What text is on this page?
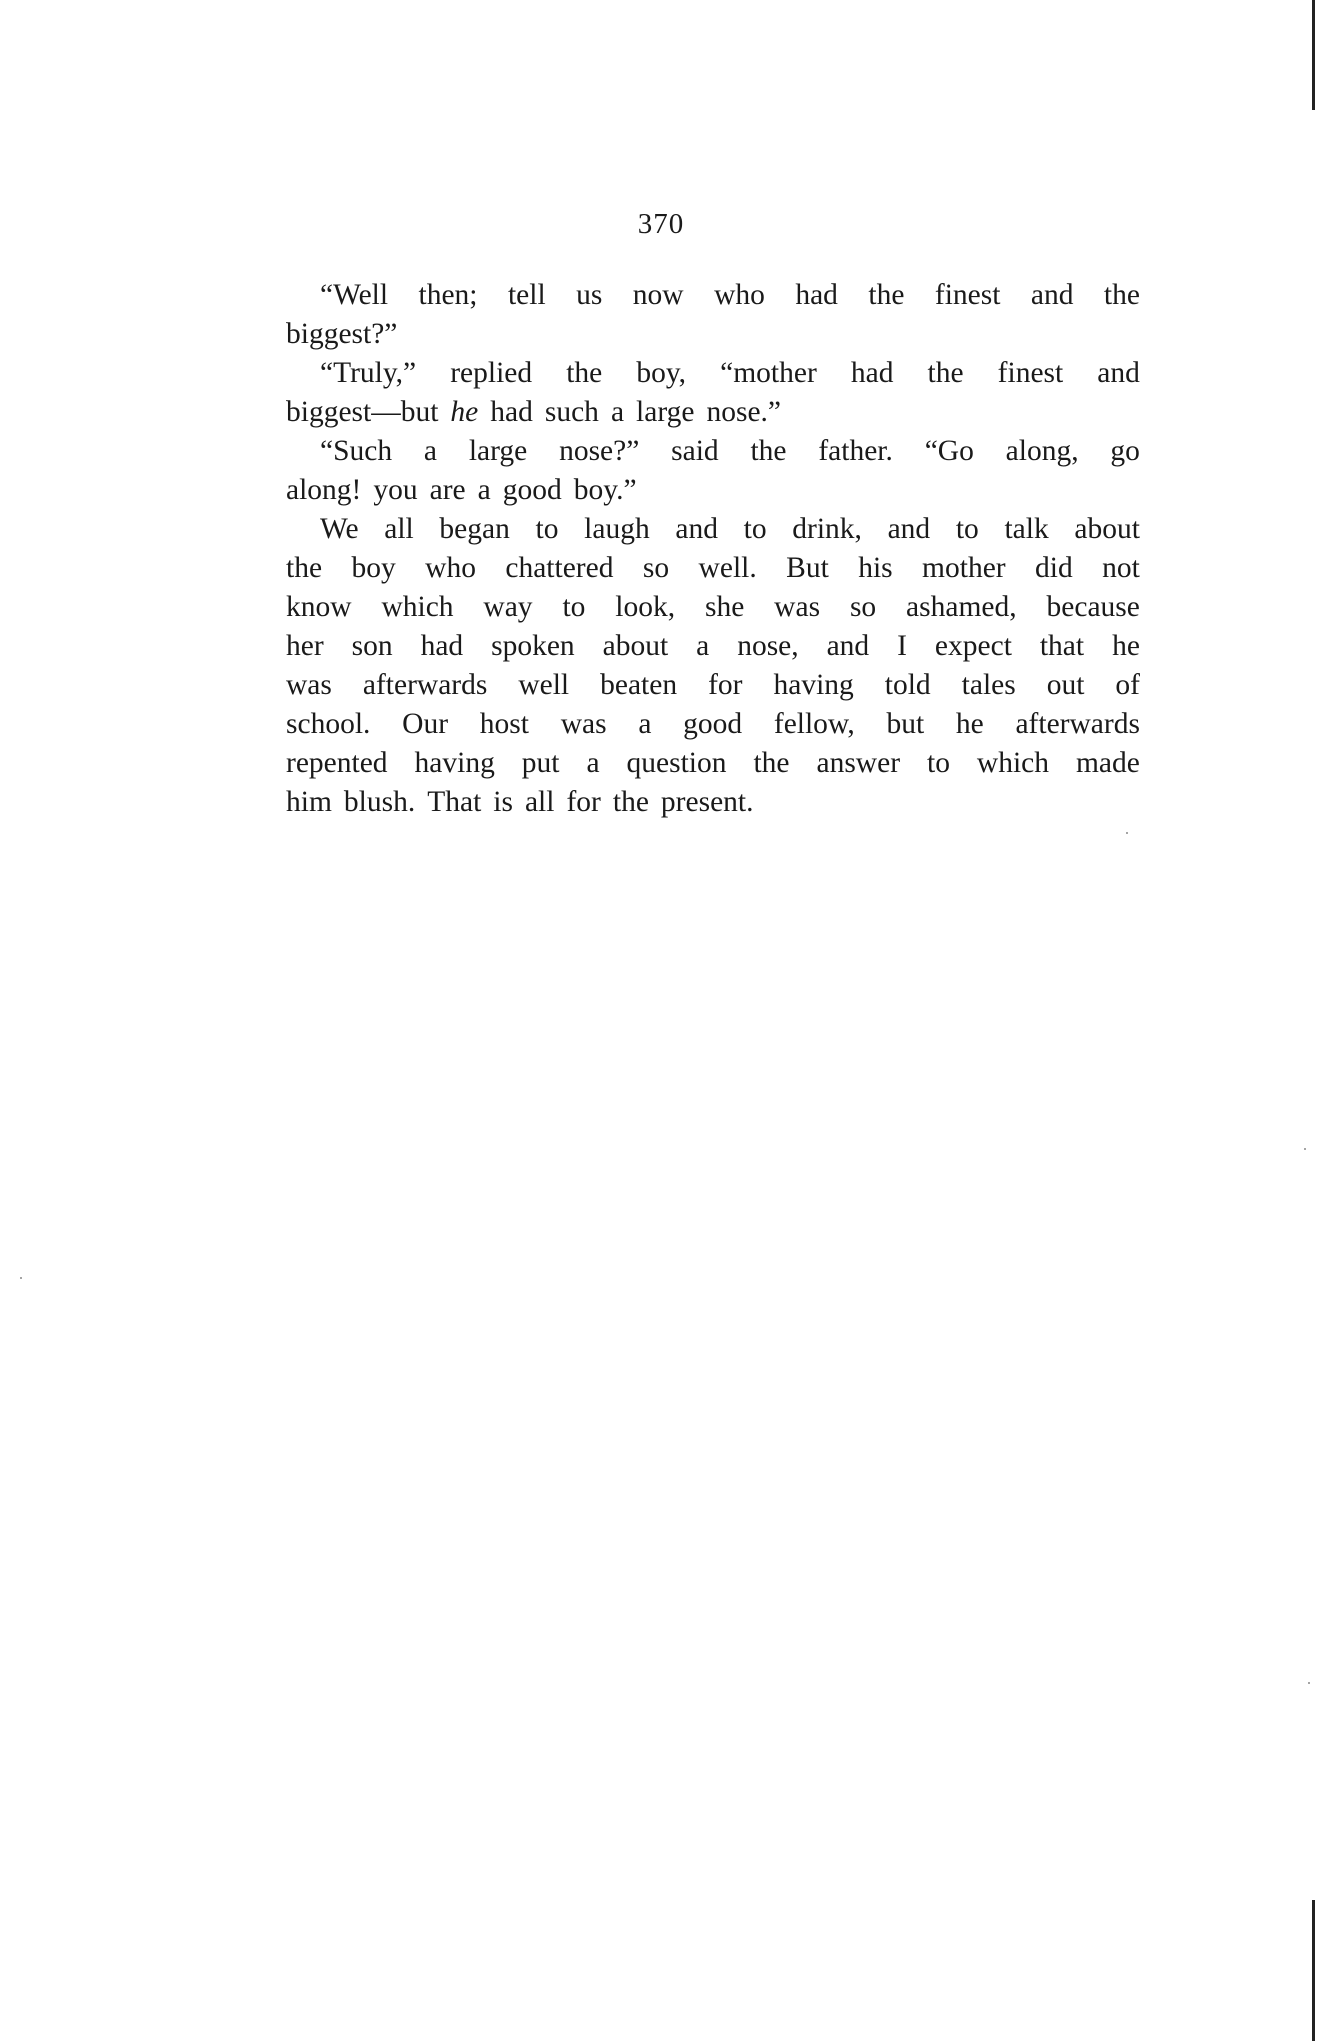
370
“Well then; tell us now who had the finest and the
biggest?”
“Truly,” replied the boy, “mother had the finest and
biggest—but he had such a large nose.”
“Such a large nose?” said the father. “Go along, go
along! you are a good boy.”
We all began to laugh and to drink, and to talk about
the boy who chattered so well. But his mother did not
know which way to look, she was so ashamed, because
her son had spoken about a nose, and I expect that he
was afterwards well beaten for having told tales out of
school. Our host was a good fellow, but he afterwards
repented having put a question the answer to which made
him blush. That is all for the present.
